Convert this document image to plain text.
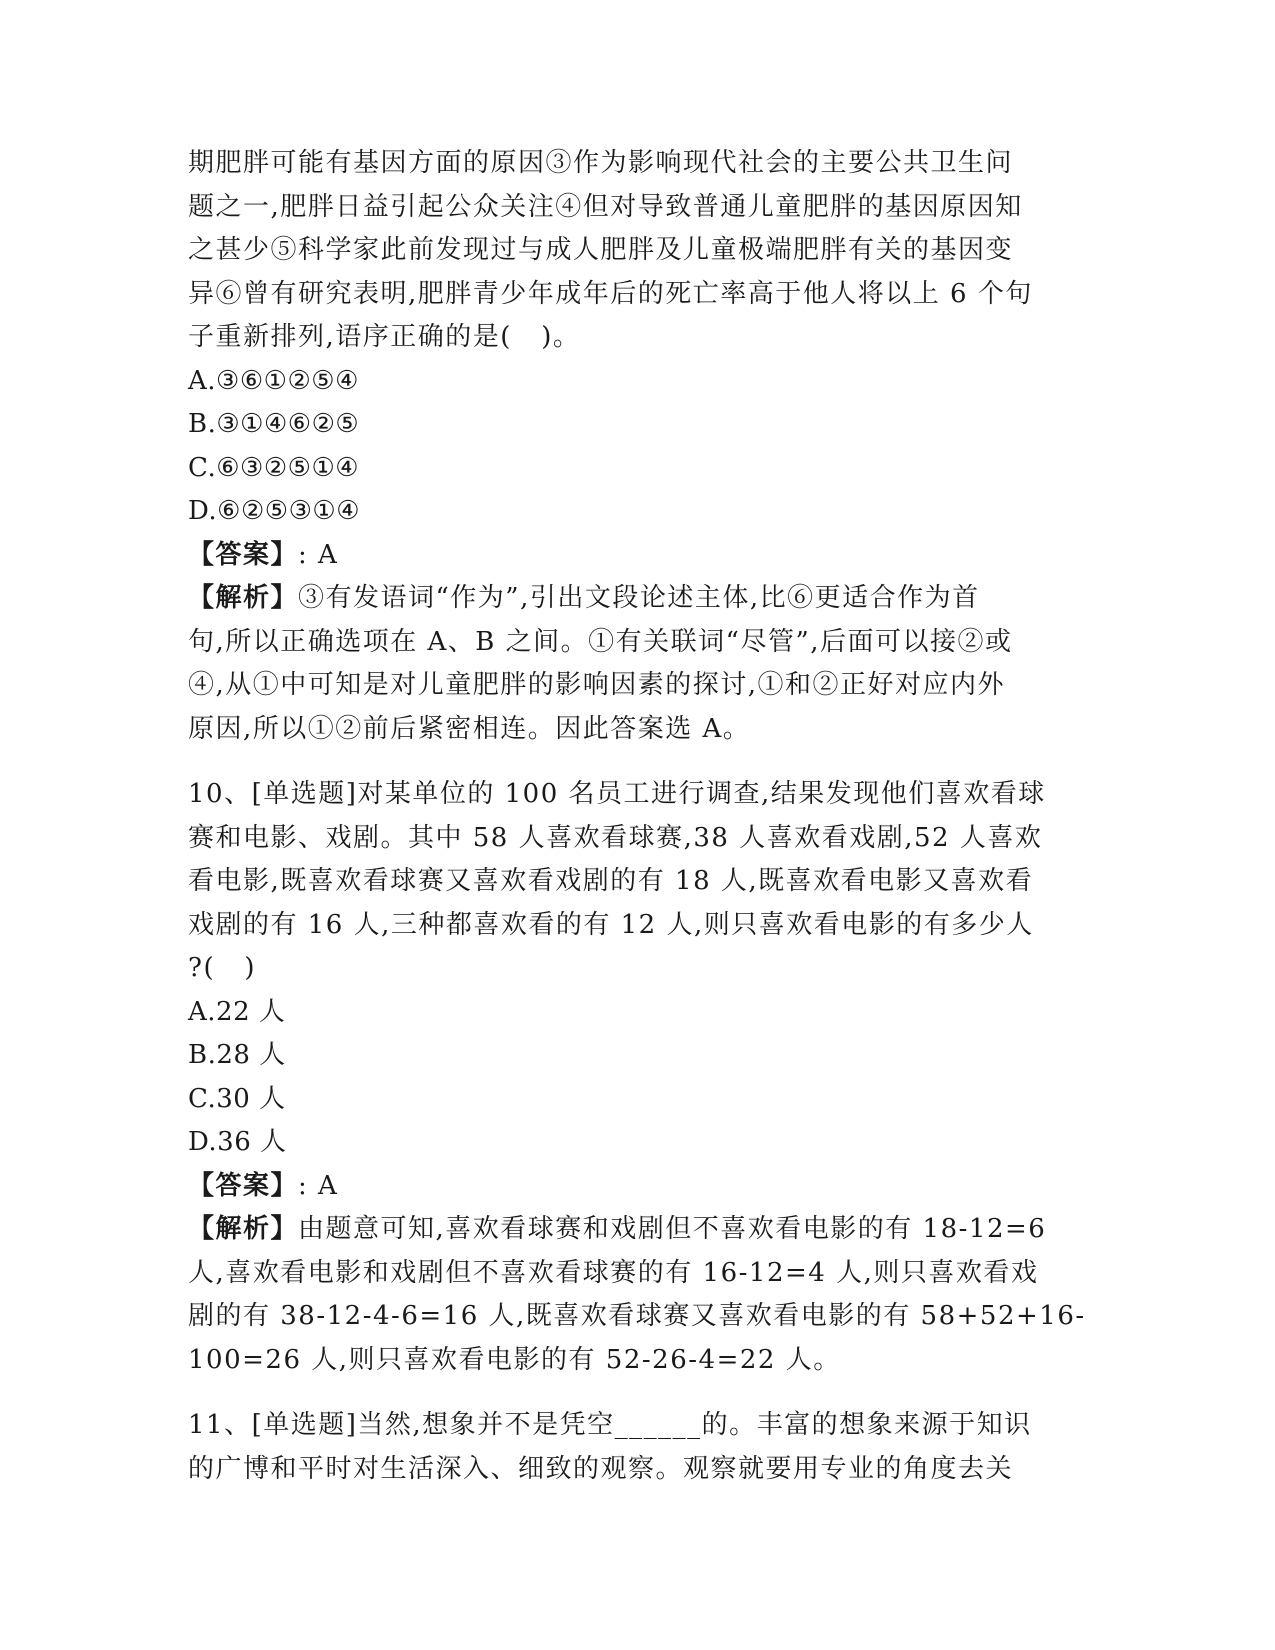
期肥胖可能有基因方面的原因③作为影响现代社会的主要公共卫生问
题之一,肥胖日益引起公众关注④但对导致普通儿童肥胖的基因原因知
之甚少⑤科学家此前发现过与成人肥胖及儿童极端肥胖有关的基因变
异⑥曾有研究表明,肥胖青少年成年后的死亡率高于他人将以上 6 个句
子重新排列,语序正确的是(   )。
A.③⑥①②⑤④
B.③①④⑥②⑤
C.⑥③②⑤①④
D.⑥②⑤③①④
【答案】: A
【解析】③有发语词“作为”,引出文段论述主体,比⑥更适合作为首
句,所以正确选项在 A、B 之间。①有关联词“尽管”,后面可以接②或
④,从①中可知是对儿童肥胖的影响因素的探讨,①和②正好对应内外
原因,所以①②前后紧密相连。因此答案选 A。
10、[单选题]对某单位的 100 名员工进行调查,结果发现他们喜欢看球
赛和电影、戏剧。其中 58 人喜欢看球赛,38 人喜欢看戏剧,52 人喜欢
看电影,既喜欢看球赛又喜欢看戏剧的有 18 人,既喜欢看电影又喜欢看
戏剧的有 16 人,三种都喜欢看的有 12 人,则只喜欢看电影的有多少人
?(   )
A.22 人
B.28 人
C.30 人
D.36 人
【答案】: A
【解析】由题意可知,喜欢看球赛和戏剧但不喜欢看电影的有 18-12=6
人,喜欢看电影和戏剧但不喜欢看球赛的有 16-12=4 人,则只喜欢看戏
剧的有 38-12-4-6=16 人,既喜欢看球赛又喜欢看电影的有 58+52+16-
100=26 人,则只喜欢看电影的有 52-26-4=22 人。
11、[单选题]当然,想象并不是凭空______的。丰富的想象来源于知识
的广博和平时对生活深入、细致的观察。观察就要用专业的角度去关
